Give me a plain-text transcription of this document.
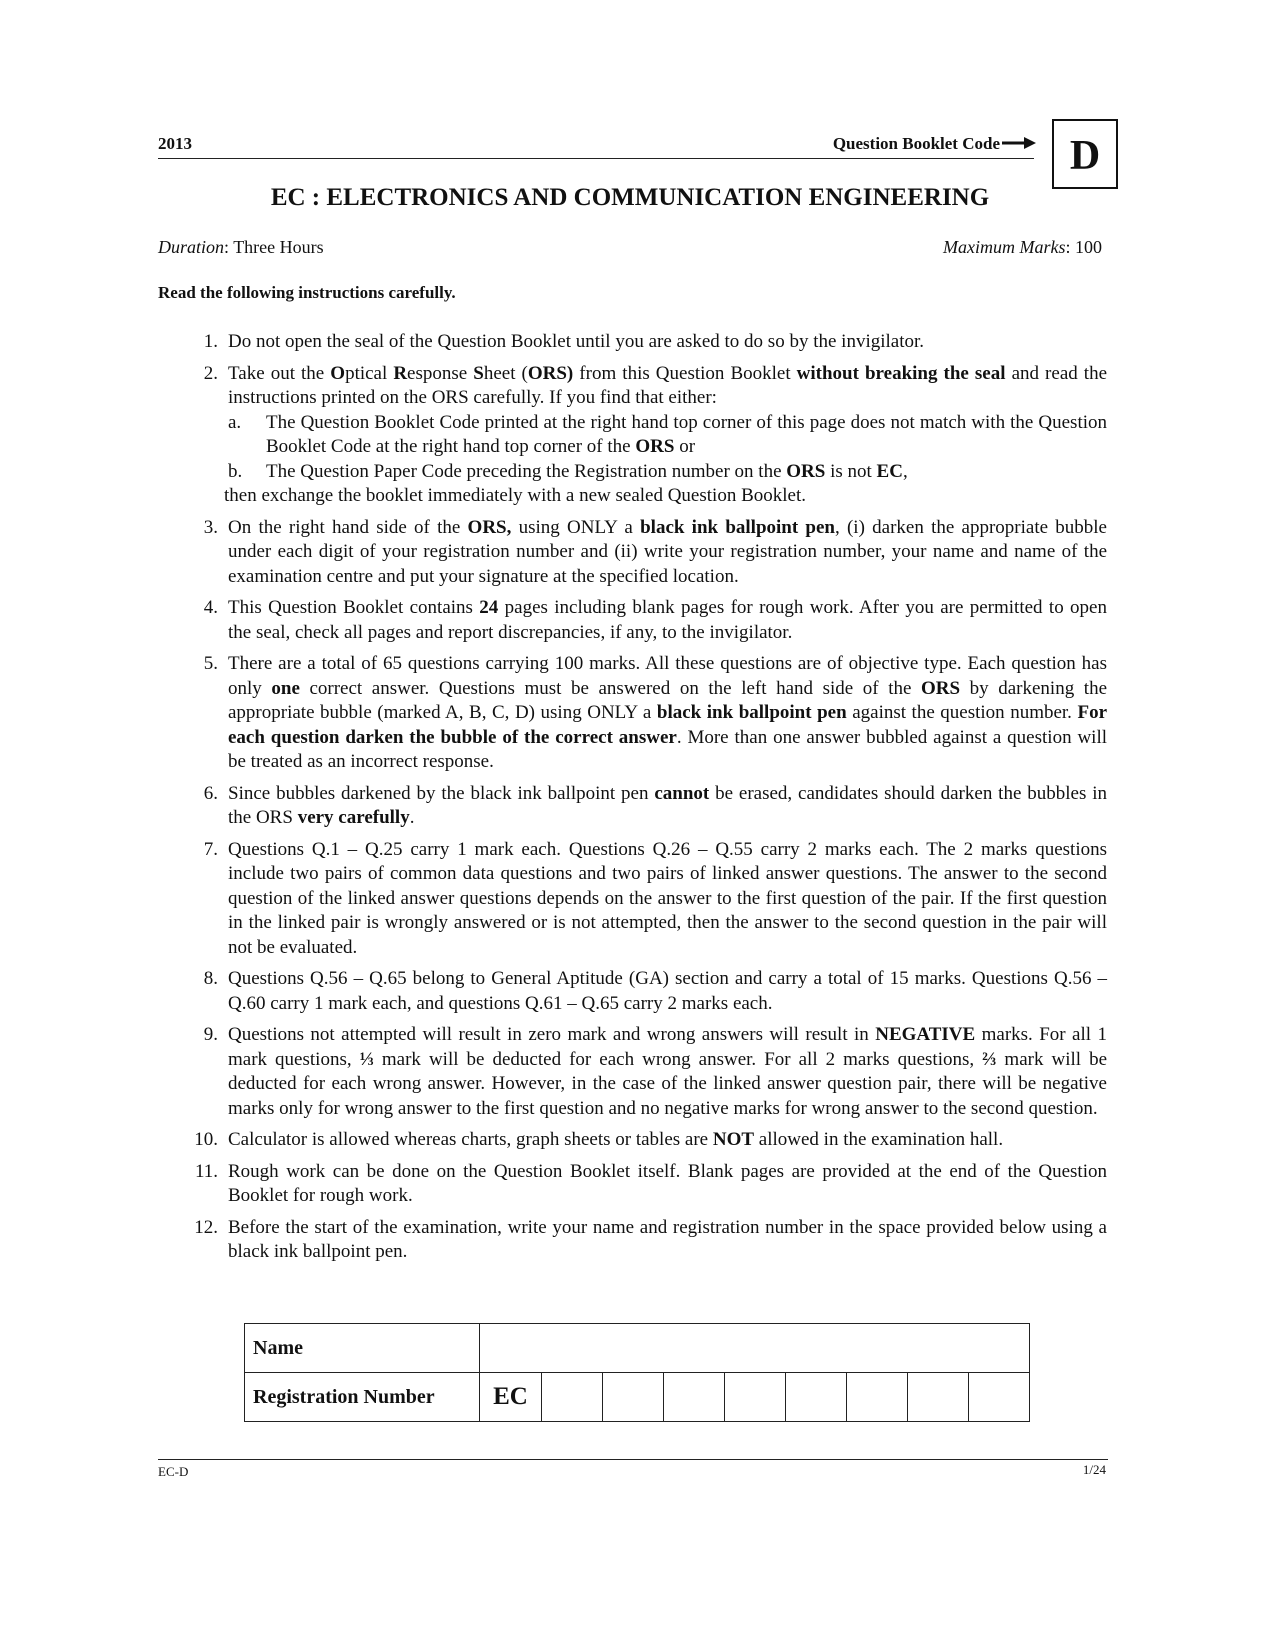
2013	Question Booklet Code	D
EC : ELECTRONICS AND COMMUNICATION ENGINEERING
Duration: Three Hours	Maximum Marks: 100
Read the following instructions carefully.
1. Do not open the seal of the Question Booklet until you are asked to do so by the invigilator.
2. Take out the Optical Response Sheet (ORS) from this Question Booklet without breaking the seal and read the instructions printed on the ORS carefully. If you find that either:
a.	The Question Booklet Code printed at the right hand top corner of this page does not match with the Question Booklet Code at the right hand top corner of the ORS or
b.	The Question Paper Code preceding the Registration number on the ORS is not EC,
then exchange the booklet immediately with a new sealed Question Booklet.
3. On the right hand side of the ORS, using ONLY a black ink ballpoint pen, (i) darken the appropriate bubble under each digit of your registration number and (ii) write your registration number, your name and name of the examination centre and put your signature at the specified location.
4. This Question Booklet contains 24 pages including blank pages for rough work. After you are permitted to open the seal, check all pages and report discrepancies, if any, to the invigilator.
5. There are a total of 65 questions carrying 100 marks. All these questions are of objective type. Each question has only one correct answer. Questions must be answered on the left hand side of the ORS by darkening the appropriate bubble (marked A, B, C, D) using ONLY a black ink ballpoint pen against the question number. For each question darken the bubble of the correct answer. More than one answer bubbled against a question will be treated as an incorrect response.
6. Since bubbles darkened by the black ink ballpoint pen cannot be erased, candidates should darken the bubbles in the ORS very carefully.
7. Questions Q.1 – Q.25 carry 1 mark each. Questions Q.26 – Q.55 carry 2 marks each. The 2 marks questions include two pairs of common data questions and two pairs of linked answer questions. The answer to the second question of the linked answer questions depends on the answer to the first question of the pair. If the first question in the linked pair is wrongly answered or is not attempted, then the answer to the second question in the pair will not be evaluated.
8. Questions Q.56 – Q.65 belong to General Aptitude (GA) section and carry a total of 15 marks. Questions Q.56 – Q.60 carry 1 mark each, and questions Q.61 – Q.65 carry 2 marks each.
9. Questions not attempted will result in zero mark and wrong answers will result in NEGATIVE marks. For all 1 mark questions, ⅓ mark will be deducted for each wrong answer. For all 2 marks questions, ⅔ mark will be deducted for each wrong answer. However, in the case of the linked answer question pair, there will be negative marks only for wrong answer to the first question and no negative marks for wrong answer to the second question.
10. Calculator is allowed whereas charts, graph sheets or tables are NOT allowed in the examination hall.
11. Rough work can be done on the Question Booklet itself. Blank pages are provided at the end of the Question Booklet for rough work.
12. Before the start of the examination, write your name and registration number in the space provided below using a black ink ballpoint pen.
Name									
Registration Number	EC								
EC-D	1/24
